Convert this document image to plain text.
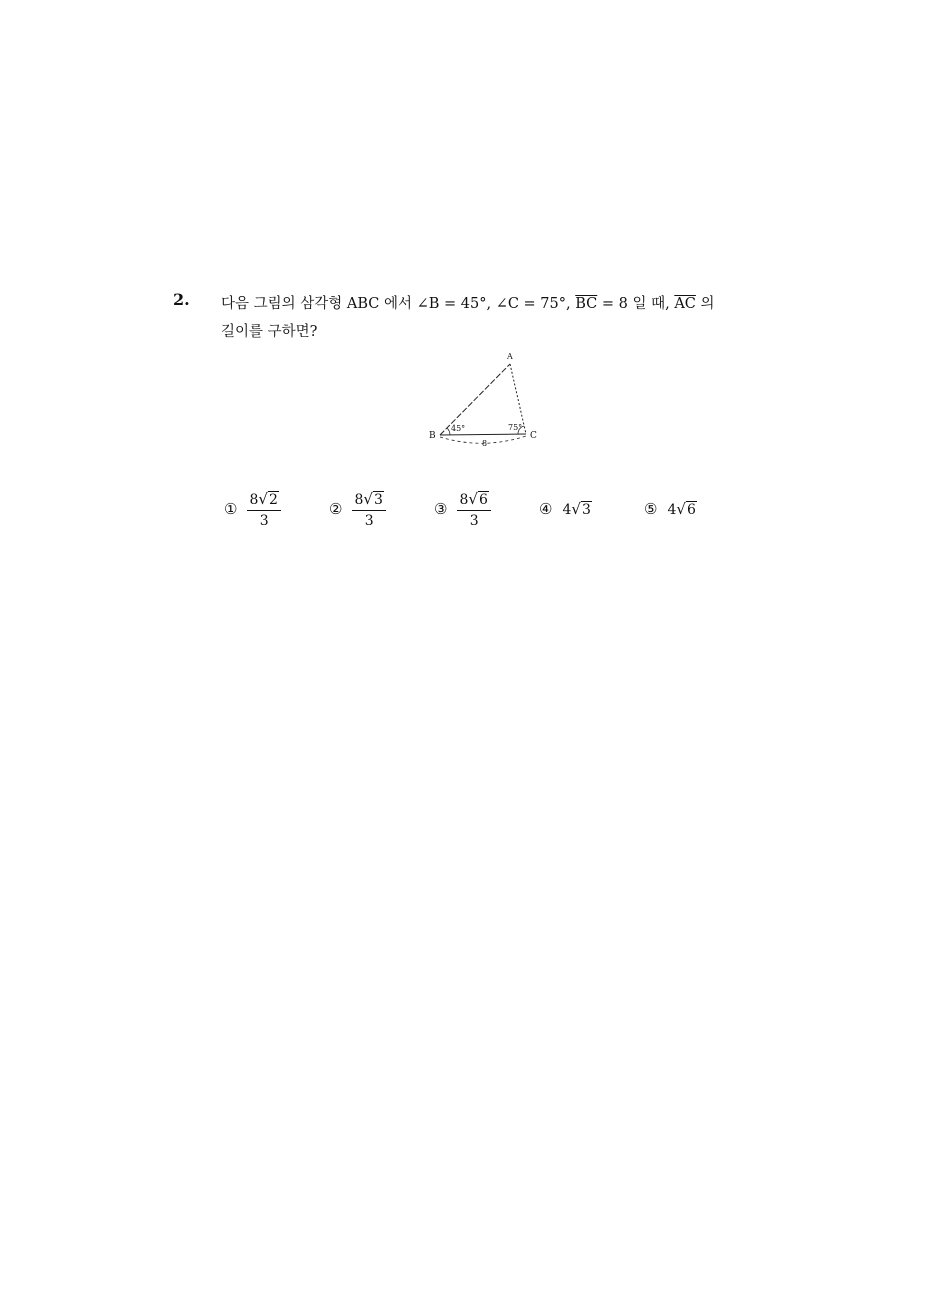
2. 다음 그림의 삼각형 ABC 에서 ∠B = 45°, ∠C = 75°, $\overline{BC} = 8$ 일 때, $\overline{AC}$ 의
길이를 구하면?
A
B	C
45°	75°
8
① $\frac{8√2}{3}$	② $\frac{8√3}{3}$	③ $\frac{8√6}{3}$	④ 4√3	⑤ 4√6
